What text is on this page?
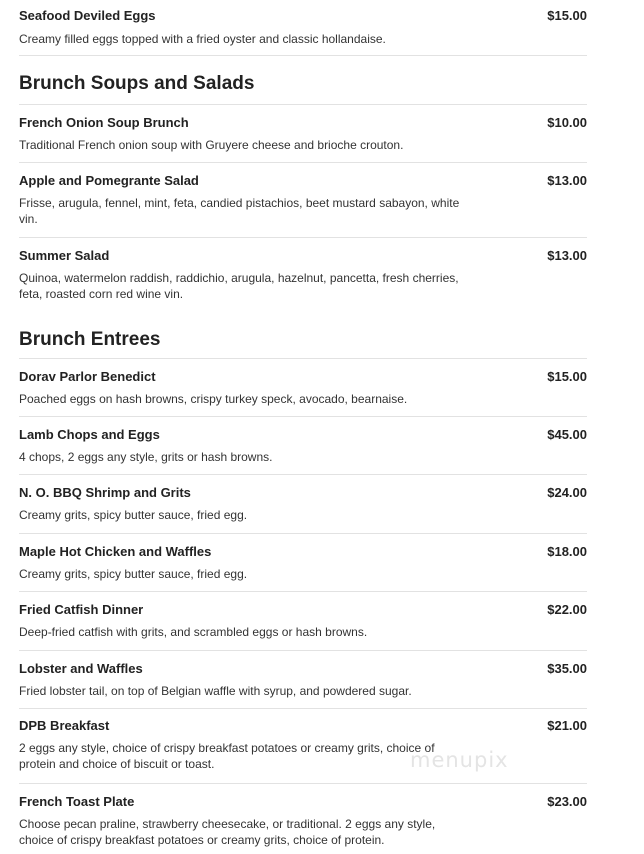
$15.00
Seafood Deviled Eggs
Creamy filled eggs topped with a fried oyster and classic hollandaise.
Brunch Soups and Salads
$10.00
French Onion Soup Brunch
Traditional French onion soup with Gruyere cheese and brioche crouton.
$13.00
Apple and Pomegrante Salad
Frisse, arugula, fennel, mint, feta, candied pistachios, beet mustard sabayon, white vin.
$13.00
Summer Salad
Quinoa, watermelon raddish, raddichio, arugula, hazelnut, pancetta, fresh cherries, feta, roasted corn red wine vin.
Brunch Entrees
$15.00
Dorav Parlor Benedict
Poached eggs on hash browns, crispy turkey speck, avocado, bearnaise.
$45.00
Lamb Chops and Eggs
4 chops, 2 eggs any style, grits or hash browns.
$24.00
N. O. BBQ Shrimp and Grits
Creamy grits, spicy butter sauce, fried egg.
$18.00
Maple Hot Chicken and Waffles
Creamy grits, spicy butter sauce, fried egg.
$22.00
Fried Catfish Dinner
Deep-fried catfish with grits, and scrambled eggs or hash browns.
$35.00
Lobster and Waffles
Fried lobster tail, on top of Belgian waffle with syrup, and powdered sugar.
$21.00
DPB Breakfast
2 eggs any style, choice of crispy breakfast potatoes or creamy grits, choice of protein and choice of biscuit or toast.
$23.00
French Toast Plate
Choose pecan praline, strawberry cheesecake, or traditional. 2 eggs any style, choice of crispy breakfast potatoes or creamy grits, choice of protein.
menupix
